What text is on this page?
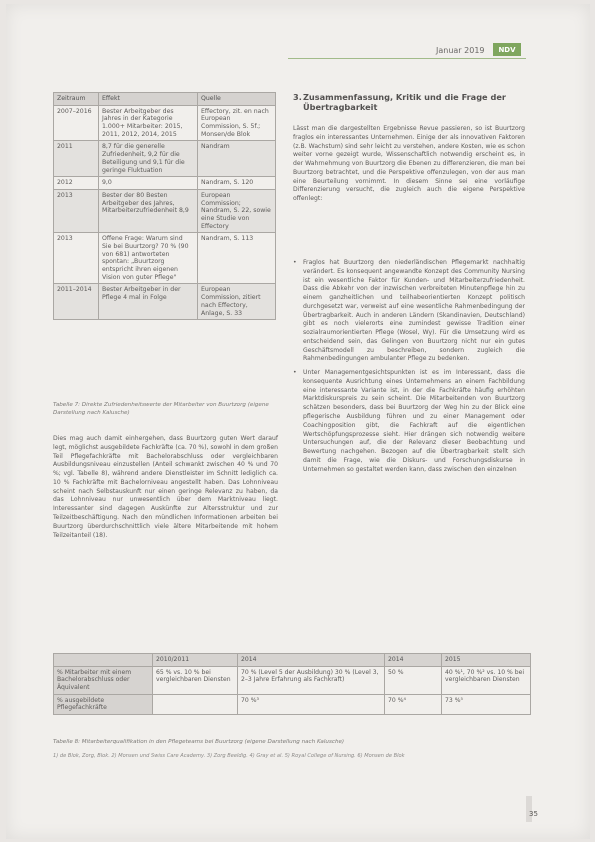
Januar 2019	NDV
Zeitraum	Effekt	Quelle
2007–2016	Bester Arbeitgeber des Jahres in der Kategorie 1.000+ Mitarbeiter: 2015, 2011, 2012, 2014, 2015	Effectory, zit. en nach European Commission, S. 5f.; Monsen/de Blok
2011	8,7 für die generelle Zufriedenheit, 9,2 für die Beteiligung und 9,1 für die geringe Fluktuation	Nandram
2012	9,0	Nandram, S. 120
2013	Bester der 80 Besten Arbeitgeber des Jahres, Mitarbeiterzufriedenheit 8,9	European Commission; Nandram, S. 22, sowie eine Studie von Effectory
2013	Offene Frage: Warum sind Sie bei Buurtzorg? 70 % (90 von 681) antworteten spontan: „Buurtzorg entspricht ihren eigenen Vision von guter Pflege"	Nandram, S. 113
2011–2014	Bester Arbeitgeber in der Pflege 4 mal in Folge	European Commission, zitiert nach Effectory, Anlage, S. 33
Tabelle 7: Direkte Zufriedenheitswerte der Mitarbeiter von Buurtzorg (eigene Darstellung nach Kalusche)

Dies mag auch damit einhergehen, dass Buurtzorg guten Wert darauf legt, möglichst ausgebildete Fachkräfte (ca. 70 %), sowohl in dem großen Teil Pflegefachkräfte mit Bachelorabschluss oder vergleichbaren Ausbildungsniveau einzustellen (Anteil schwankt zwischen 40 % und 70 %; vgl. Tabelle 8), während andere Dienstleister im Schnitt lediglich ca. 10 % Fachkräfte mit Bachelorniveau angestellt haben. Das Lohnniveau scheint nach Selbstauskunft nur einen geringe Relevanz zu haben, da das Lohnniveau nur unwesentlich über dem Marktniveau liegt. Interessanter sind dagegen Auskünfte zur Altersstruktur und zur Teilzeitbeschäftigung. Nach den mündlichen Informationen arbeiten bei Buurtzorg überdurchschnittlich viele ältere Mitarbeitende mit hohem Teilzeitanteil (18).

3. Zusammenfassung, Kritik und die Frage der Übertragbarkeit

Lässt man die dargestellten Ergebnisse Revue passieren, so ist Buurtzorg fraglos ein interessantes Unternehmen. Einige der als innovativen Faktoren (z.B. Wachstum) sind sehr leicht zu verstehen, andere Kosten, wie es schon weiter vorne gezeigt wurde, Wissenschaftlich notwendig erscheint es, in der Wahrnehmung von Buurtzorg die Ebenen zu differenzieren, die man bei Buurtzorg betrachtet, und die Perspektive offenzulegen, von der aus man eine Beurteilung vornimmt. In diesem Sinne sei eine vorläufige Differenzierung versucht, die zugleich auch die eigene Perspektive offenlegt:

• Fraglos hat Buurtzorg den niederländischen Pflegemarkt nachhaltig verändert. Es konsequent angewandte Konzept des Community Nursing ist ein wesentliche Faktor für Kunden- und Mitarbeiterzufriedenheit. Dass die Abkehr von der inzwischen verbreiteten Minutenpflege hin zu einem ganzheitlichen und teilhabeorientierten Konzept politisch durchgesetzt war, verweist auf eine wesentliche Rahmenbedingung der Übertragbarkeit. Auch in anderen Ländern (Skandinavien, Deutschland) gibt es noch vielerorts eine zumindest gewisse Tradition einer sozialraumorientierten Pflege (Wosel, Wy). Für die Umsetzung wird es entscheidend sein, das Gelingen von Buurtzorg nicht nur ein gutes Geschäftsmodell zu beschreiben, sondern zugleich die Rahmenbedingungen ambulanter Pflege zu bedenken.
• Unter Managementgesichtspunkten ist es im Interessant, dass die konsequente Ausrichtung eines Unternehmens an einem Fachbildung eine interessante Variante ist, in der die Fachkräfte häufig erhöhten Marktdiskurspreis zu sein scheint. Die Mitarbeitenden von Buurtzorg schätzen besonders, dass bei Buurtzorg der Weg hin zu der Blick eine pflegerische Ausbildung führen und zu einer Management oder Coachingposition gibt, die Fachkraft auf die eigentlichen Wertschöpfungsprozesse sieht. Hier drängen sich notwendig weitere Untersuchungen auf, die der Relevanz dieser Beobachtung und Bewertung nachgehen. Bezogen auf die Übertragbarkeit stellt sich damit die Frage, wie die Diskurs- und Forschungsdiskurse in Unternehmen so gestaltet werden kann, dass zwischen den einzelnen
	2010/2011	2014	2014	2015
% Mitarbeiter mit einem Bachelorabschluss oder Äquivalent	65 % vs. 10 % bei vergleichbaren Diensten	70 % (Level 5 der Ausbildung) 30 % (Level 3, 2–3 Jahre Erfahrung als Fachkraft)	50 %	40 %¹, 70 %² vs. 10 % bei vergleichbaren Diensten
% ausgebildete Pflegefachkräfte		70 %³	70 %⁴	73 %⁵
Tabelle 8: Mitarbeiterqualifikation in den Pflegeteams bei Buurtzorg (eigene Darstellung nach Kalusche)
1) de Blok, Zorg, Blok. 2) Monsen und Swiss Care Academy. 3) Zorg Beeldig. 4) Gray et al. 5) Royal College of Nursing. 6) Monsen de Blok
35
